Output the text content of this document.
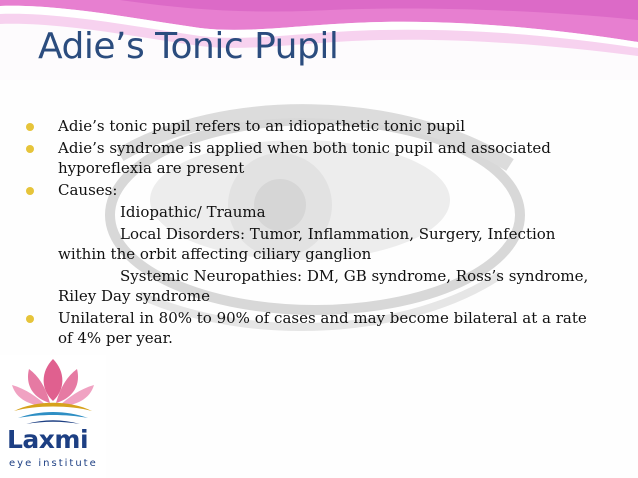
Adie’s Tonic Pupil
Adie’s tonic pupil refers to an idiopathetic tonic pupil
Adie’s syndrome is applied when both tonic pupil and associated hyporeflexia are present
Causes:
Idiopathic/ Trauma
Local Disorders: Tumor, Inflammation, Surgery, Infection
within the orbit affecting ciliary ganglion
Systemic Neuropathies: DM, GB syndrome, Ross’s syndrome,
Riley Day syndrome
Unilateral in 80% to 90% of cases and may become bilateral at a rate of 4% per year.

Laxmi

eye institute
